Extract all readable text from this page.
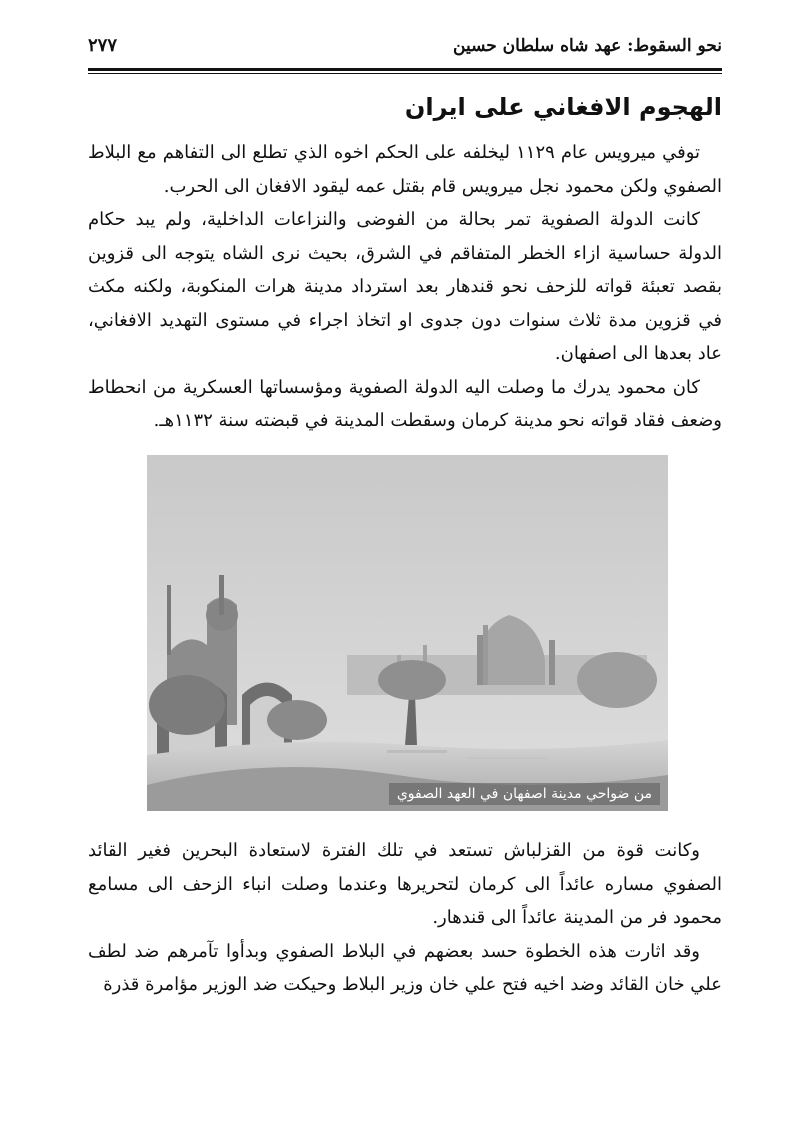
نحو السقوط: عهد شاه سلطان حسين
٢٧٧
الهجوم الافغاني على ايران

توفي ميرويس عام ١١٢٩ ليخلفه على الحكم اخوه الذي تطلع الى التفاهم مع البلاط الصفوي ولكن محمود نجل ميرويس قام بقتل عمه ليقود الافغان الى الحرب.

كانت الدولة الصفوية تمر بحالة من الفوضى والنزاعات الداخلية، ولم يبد حكام الدولة حساسية ازاء الخطر المتفاقم في الشرق، بحيث نرى الشاه يتوجه الى قزوين بقصد تعبئة قواته للزحف نحو قندهار بعد استرداد مدينة هرات المنكوبة، ولكنه مكث في قزوين مدة ثلاث سنوات دون جدوى او اتخاذ اجراء في مستوى التهديد الافغاني، عاد بعدها الى اصفهان.

كان محمود يدرك ما وصلت اليه الدولة الصفوية ومؤسساتها العسكرية من انحطاط وضعف فقاد قواته نحو مدينة كرمان وسقطت المدينة في قبضته سنة ١١٣٢هـ.

من ضواحي مدينة اصفهان في العهد الصفوي

وكانت قوة من القزلباش تستعد في تلك الفترة لاستعادة البحرين فغير القائد الصفوي مساره عائداً الى كرمان لتحريرها وعندما وصلت انباء الزحف الى مسامع محمود فر من المدينة عائداً الى قندهار.

وقد اثارت هذه الخطوة حسد بعضهم في البلاط الصفوي وبدأوا تآمرهم ضد لطف علي خان القائد وضد اخيه فتح علي خان وزير البلاط وحيكت ضد الوزير مؤامرة قذرة
